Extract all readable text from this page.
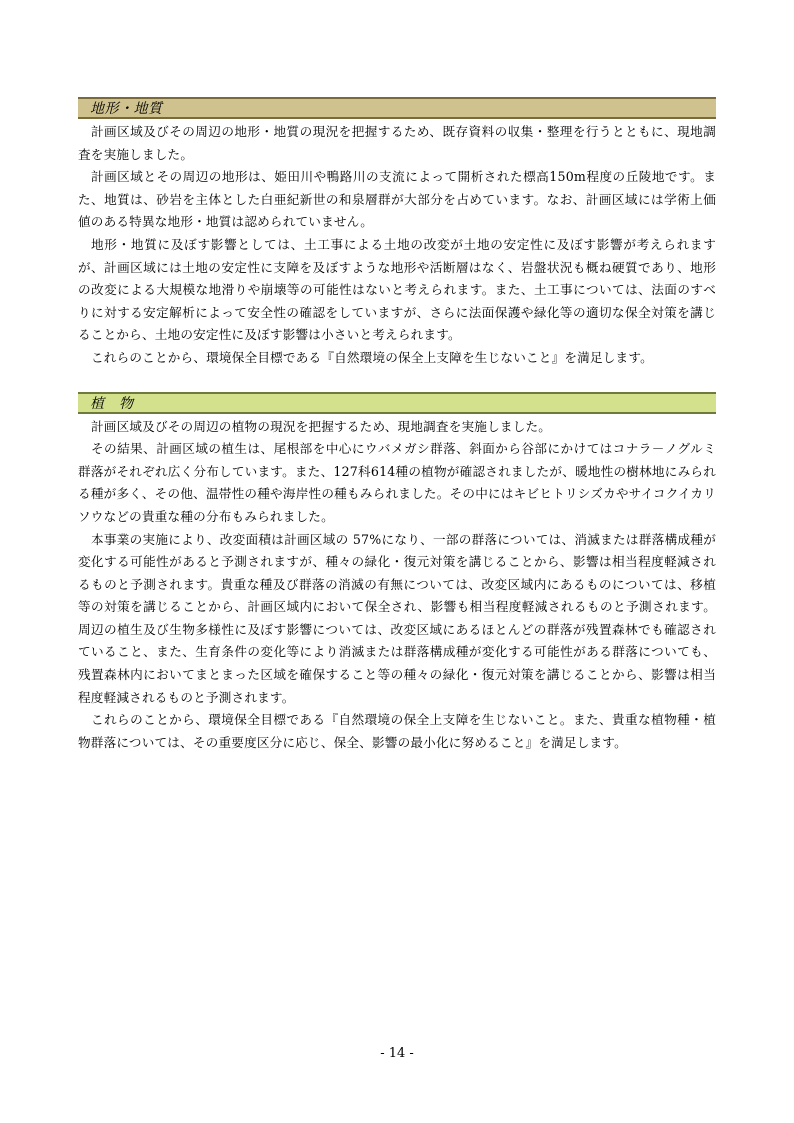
地形・地質

計画区域及びその周辺の地形・地質の現況を把握するため、既存資料の収集・整理を行うとともに、現地調査を実施しました。

計画区域とその周辺の地形は、姫田川や鴨路川の支流によって開析された標高150m程度の丘陵地です。また、地質は、砂岩を主体とした白亜紀新世の和泉層群が大部分を占めています。なお、計画区域には学術上価値のある特異な地形・地質は認められていません。

地形・地質に及ぼす影響としては、土工事による土地の改変が土地の安定性に及ぼす影響が考えられますが、計画区域には土地の安定性に支障を及ぼすような地形や活断層はなく、岩盤状況も概ね硬質であり、地形の改変による大規模な地滑りや崩壊等の可能性はないと考えられます。また、土工事については、法面のすべりに対する安定解析によって安全性の確認をしていますが、さらに法面保護や緑化等の適切な保全対策を講じることから、土地の安定性に及ぼす影響は小さいと考えられます。

これらのことから、環境保全目標である『自然環境の保全上支障を生じないこと』を満足します。

植　物

計画区域及びその周辺の植物の現況を把握するため、現地調査を実施しました。

その結果、計画区域の植生は、尾根部を中心にウバメガシ群落、斜面から谷部にかけてはコナラ－ノグルミ群落がそれぞれ広く分布しています。また、127科614種の植物が確認されましたが、暖地性の樹林地にみられる種が多く、その他、温帯性の種や海岸性の種もみられました。その中にはキビヒトリシズカやサイコクイカリソウなどの貴重な種の分布もみられました。

本事業の実施により、改変面積は計画区域の 57%になり、一部の群落については、消滅または群落構成種が変化する可能性があると予測されますが、種々の緑化・復元対策を講じることから、影響は相当程度軽減されるものと予測されます。貴重な種及び群落の消滅の有無については、改変区域内にあるものについては、移植等の対策を講じることから、計画区域内において保全され、影響も相当程度軽減されるものと予測されます。周辺の植生及び生物多様性に及ぼす影響については、改変区域にあるほとんどの群落が残置森林でも確認されていること、また、生育条件の変化等により消滅または群落構成種が変化する可能性がある群落についても、残置森林内においてまとまった区域を確保すること等の種々の緑化・復元対策を講じることから、影響は相当程度軽減されるものと予測されます。

これらのことから、環境保全目標である『自然環境の保全上支障を生じないこと。また、貴重な植物種・植物群落については、その重要度区分に応じ、保全、影響の最小化に努めること』を満足します。

- 14 -
